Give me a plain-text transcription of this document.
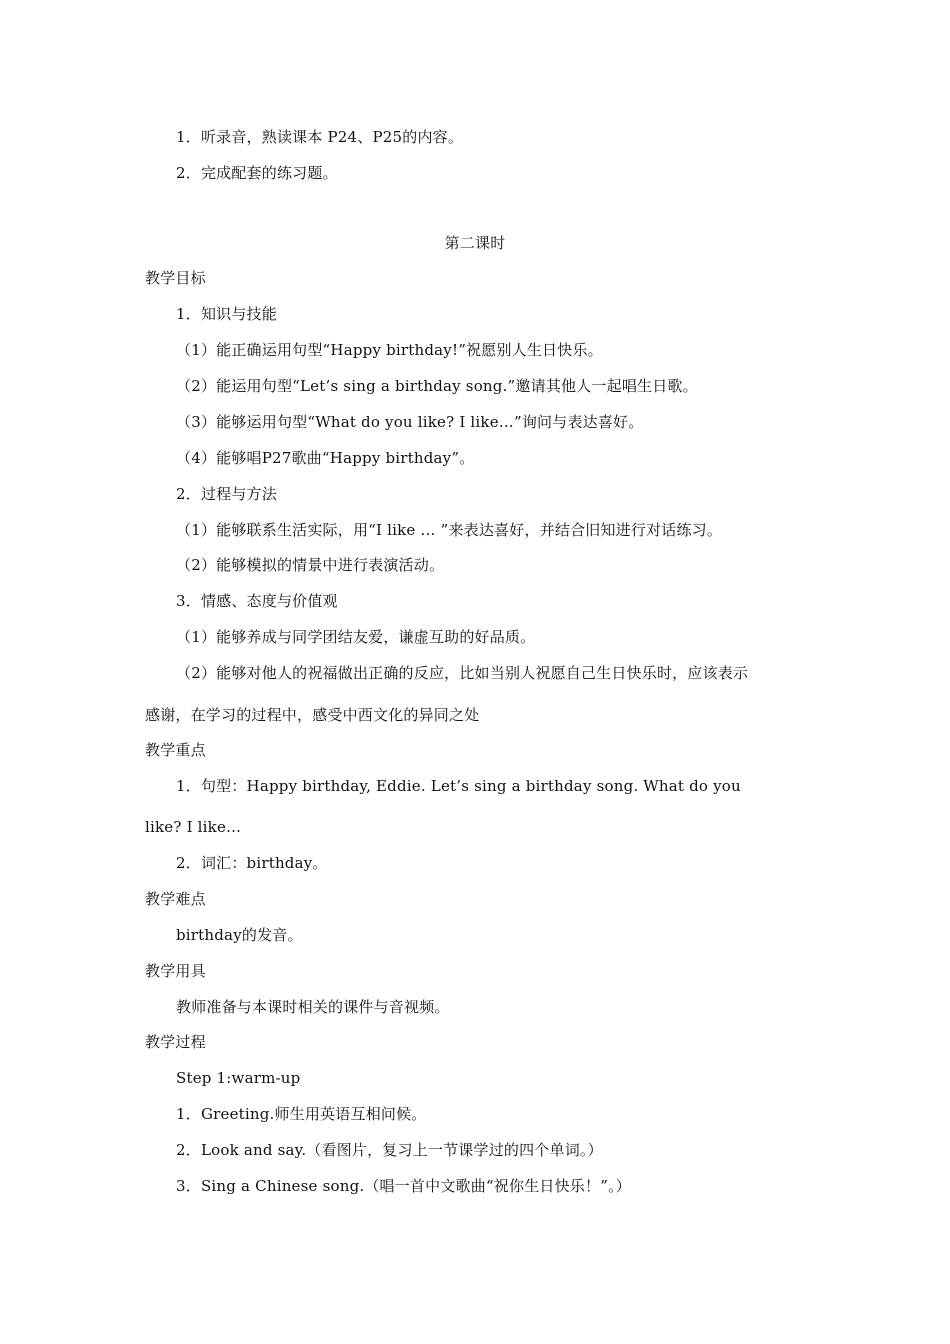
1．听录音，熟读课本 P24、P25的内容。
2．完成配套的练习题。
第二课时
教学目标
1．知识与技能
（1）能正确运用句型“Happy birthday!”祝愿别人生日快乐。
（2）能运用句型“Let’s sing a birthday song.”邀请其他人一起唱生日歌。
（3）能够运用句型“What do you like? I like…”询问与表达喜好。
（4）能够唱P27歌曲“Happy birthday”。
2．过程与方法
（1）能够联系生活实际，用“I like … ”来表达喜好，并结合旧知进行对话练习。
（2）能够模拟的情景中进行表演活动。
3．情感、态度与价值观
（1）能够养成与同学团结友爱，谦虚互助的好品质。
（2）能够对他人的祝福做出正确的反应，比如当别人祝愿自己生日快乐时，应该表示
感谢，在学习的过程中，感受中西文化的异同之处
教学重点
1．句型：Happy birthday, Eddie. Let’s sing a birthday song. What do you
like? I like…
2．词汇：birthday。
教学难点
birthday的发音。
教学用具
教师准备与本课时相关的课件与音视频。
教学过程
Step 1:warm-up
1．Greeting.师生用英语互相问候。
2．Look and say.（看图片，复习上一节课学过的四个单词。）
3．Sing a Chinese song.（唱一首中文歌曲“祝你生日快乐！”。）
